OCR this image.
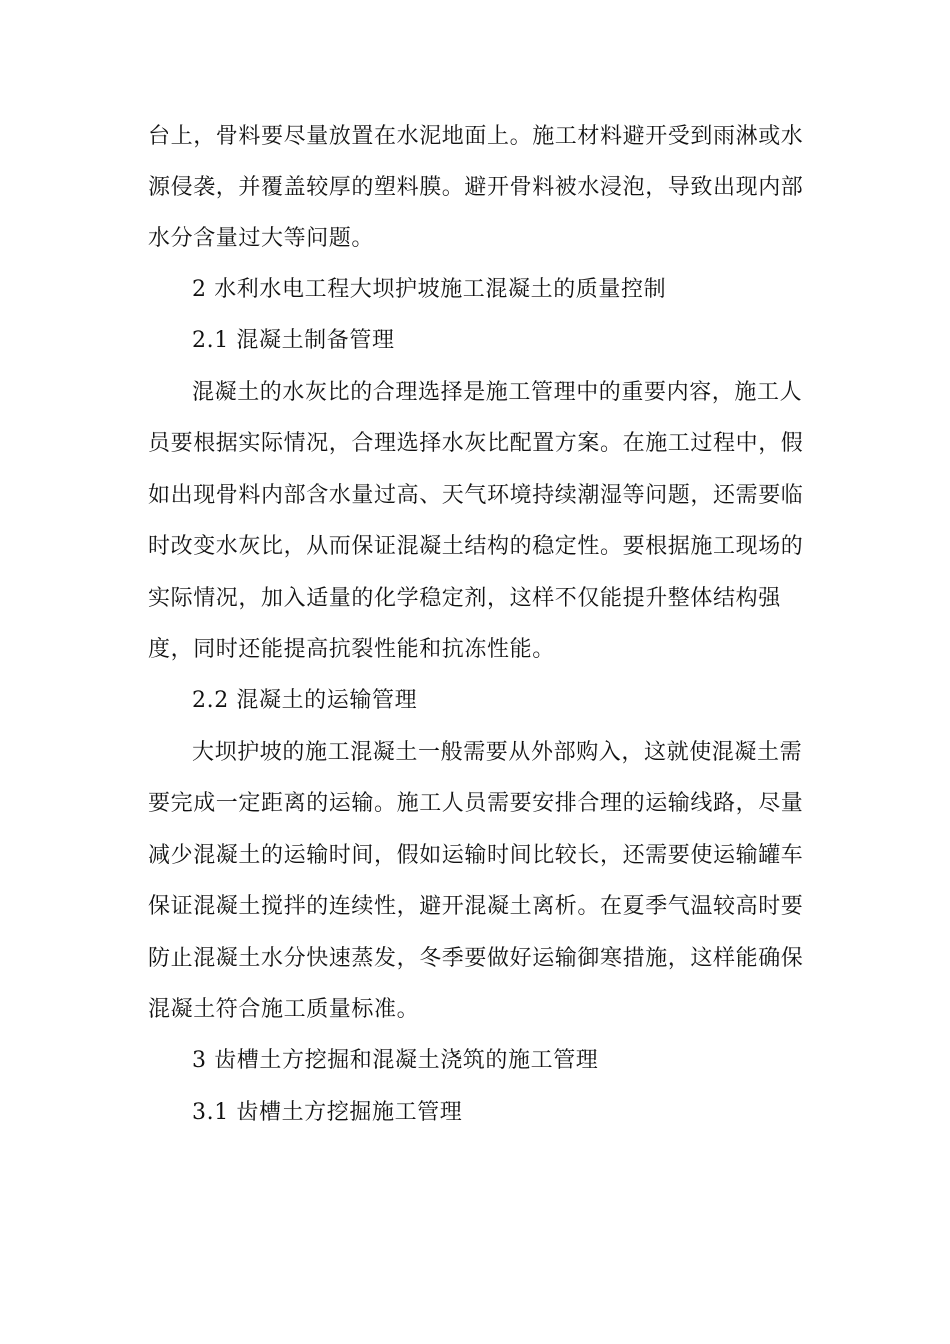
台上，骨料要尽量放置在水泥地面上。施工材料避开受到雨淋或水
源侵袭，并覆盖较厚的塑料膜。避开骨料被水浸泡，导致出现内部
水分含量过大等问题。
2 水利水电工程大坝护坡施工混凝土的质量控制
2.1 混凝土制备管理
混凝土的水灰比的合理选择是施工管理中的重要内容，施工人
员要根据实际情况，合理选择水灰比配置方案。在施工过程中，假
如出现骨料内部含水量过高、天气环境持续潮湿等问题，还需要临
时改变水灰比，从而保证混凝土结构的稳定性。要根据施工现场的
实际情况，加入适量的化学稳定剂，这样不仅能提升整体结构强
度，同时还能提高抗裂性能和抗冻性能。
2.2 混凝土的运输管理
大坝护坡的施工混凝土一般需要从外部购入，这就使混凝土需
要完成一定距离的运输。施工人员需要安排合理的运输线路，尽量
减少混凝土的运输时间，假如运输时间比较长，还需要使运输罐车
保证混凝土搅拌的连续性，避开混凝土离析。在夏季气温较高时要
防止混凝土水分快速蒸发，冬季要做好运输御寒措施，这样能确保
混凝土符合施工质量标准。
3 齿槽土方挖掘和混凝土浇筑的施工管理
3.1 齿槽土方挖掘施工管理
